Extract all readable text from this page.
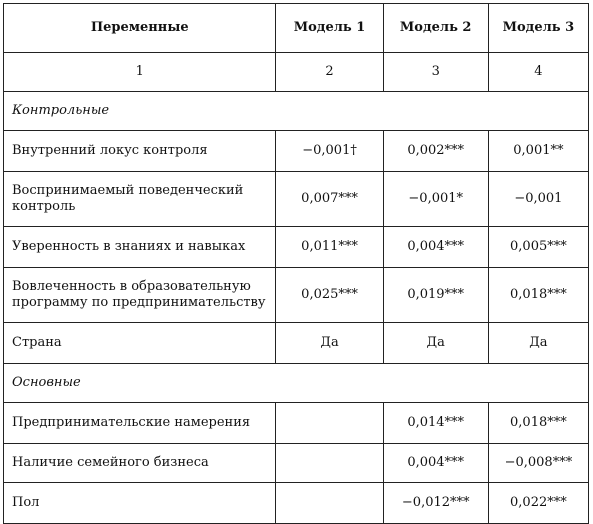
Переменные	Модель 1	Модель 2	Модель 3
1	2	3	4
Контрольные			
Внутренний локус контроля	−0,001†	0,002***	0,001**
Воспринимаемый поведенческий
контроль	0,007***	−0,001*	−0,001
Уверенность в знаниях и навыках	0,011***	0,004***	0,005***
Вовлеченность в образовательную
программу по предпринимательству	0,025***	0,019***	0,018***
Страна	Да	Да	Да
Основные			
Предпринимательские намерения		0,014***	0,018***
Наличие семейного бизнеса		0,004***	−0,008***
Пол		−0,012***	0,022***
